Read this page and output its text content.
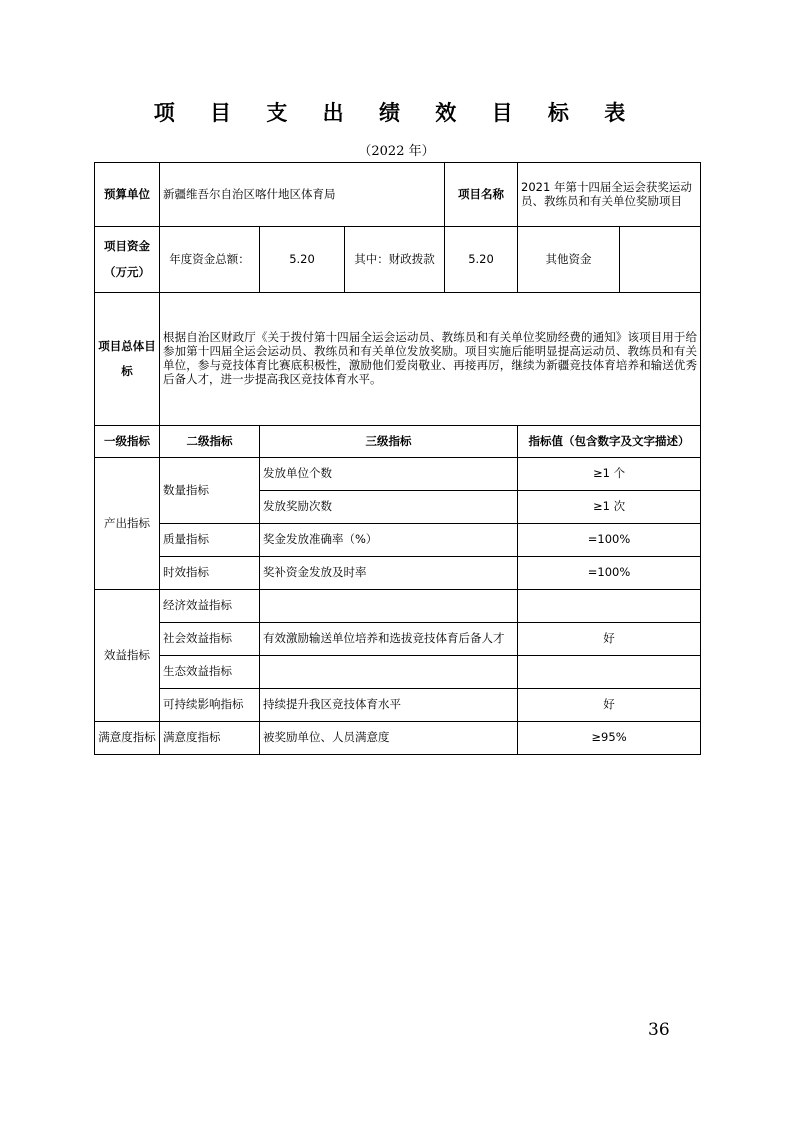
项 目 支 出 绩 效 目 标 表
（2022 年）
预算单位	新疆维吾尔自治区喀什地区体育局			项目名称	2021 年第十四届全运会获奖运动员、教练员和有关单位奖励项目	
项目资金
（万元）	年度资金总额：	5.20	其中：财政拨款	5.20	其他资金	
项目总体目标	根据自治区财政厅《关于拨付第十四届全运会运动员、教练员和有关单位奖励经费的通知》该项目用于给参加第十四届全运会运动员、教练员和有关单位发放奖励。项目实施后能明显提高运动员、教练员和有关单位，参与竞技体育比赛底积极性，激励他们爱岗敬业、再接再厉，继续为新疆竞技体育培养和输送优秀后备人才，进一步提高我区竞技体育水平。					
一级指标	二级指标	三级指标			指标值（包含数字及文字描述）	
产出指标	数量指标	发放单位个数			≥1 个	
		发放奖励次数			≥1 次	
	质量指标	奖金发放准确率（%）			=100%	
	时效指标	奖补资金发放及时率			=100%	
效益指标	经济效益指标					
	社会效益指标	有效激励输送单位培养和选拔竞技体育后备人才			好	
	生态效益指标					
	可持续影响指标	持续提升我区竞技体育水平			好	
满意度指标	满意度指标	被奖励单位、人员满意度			≥95%	
36
